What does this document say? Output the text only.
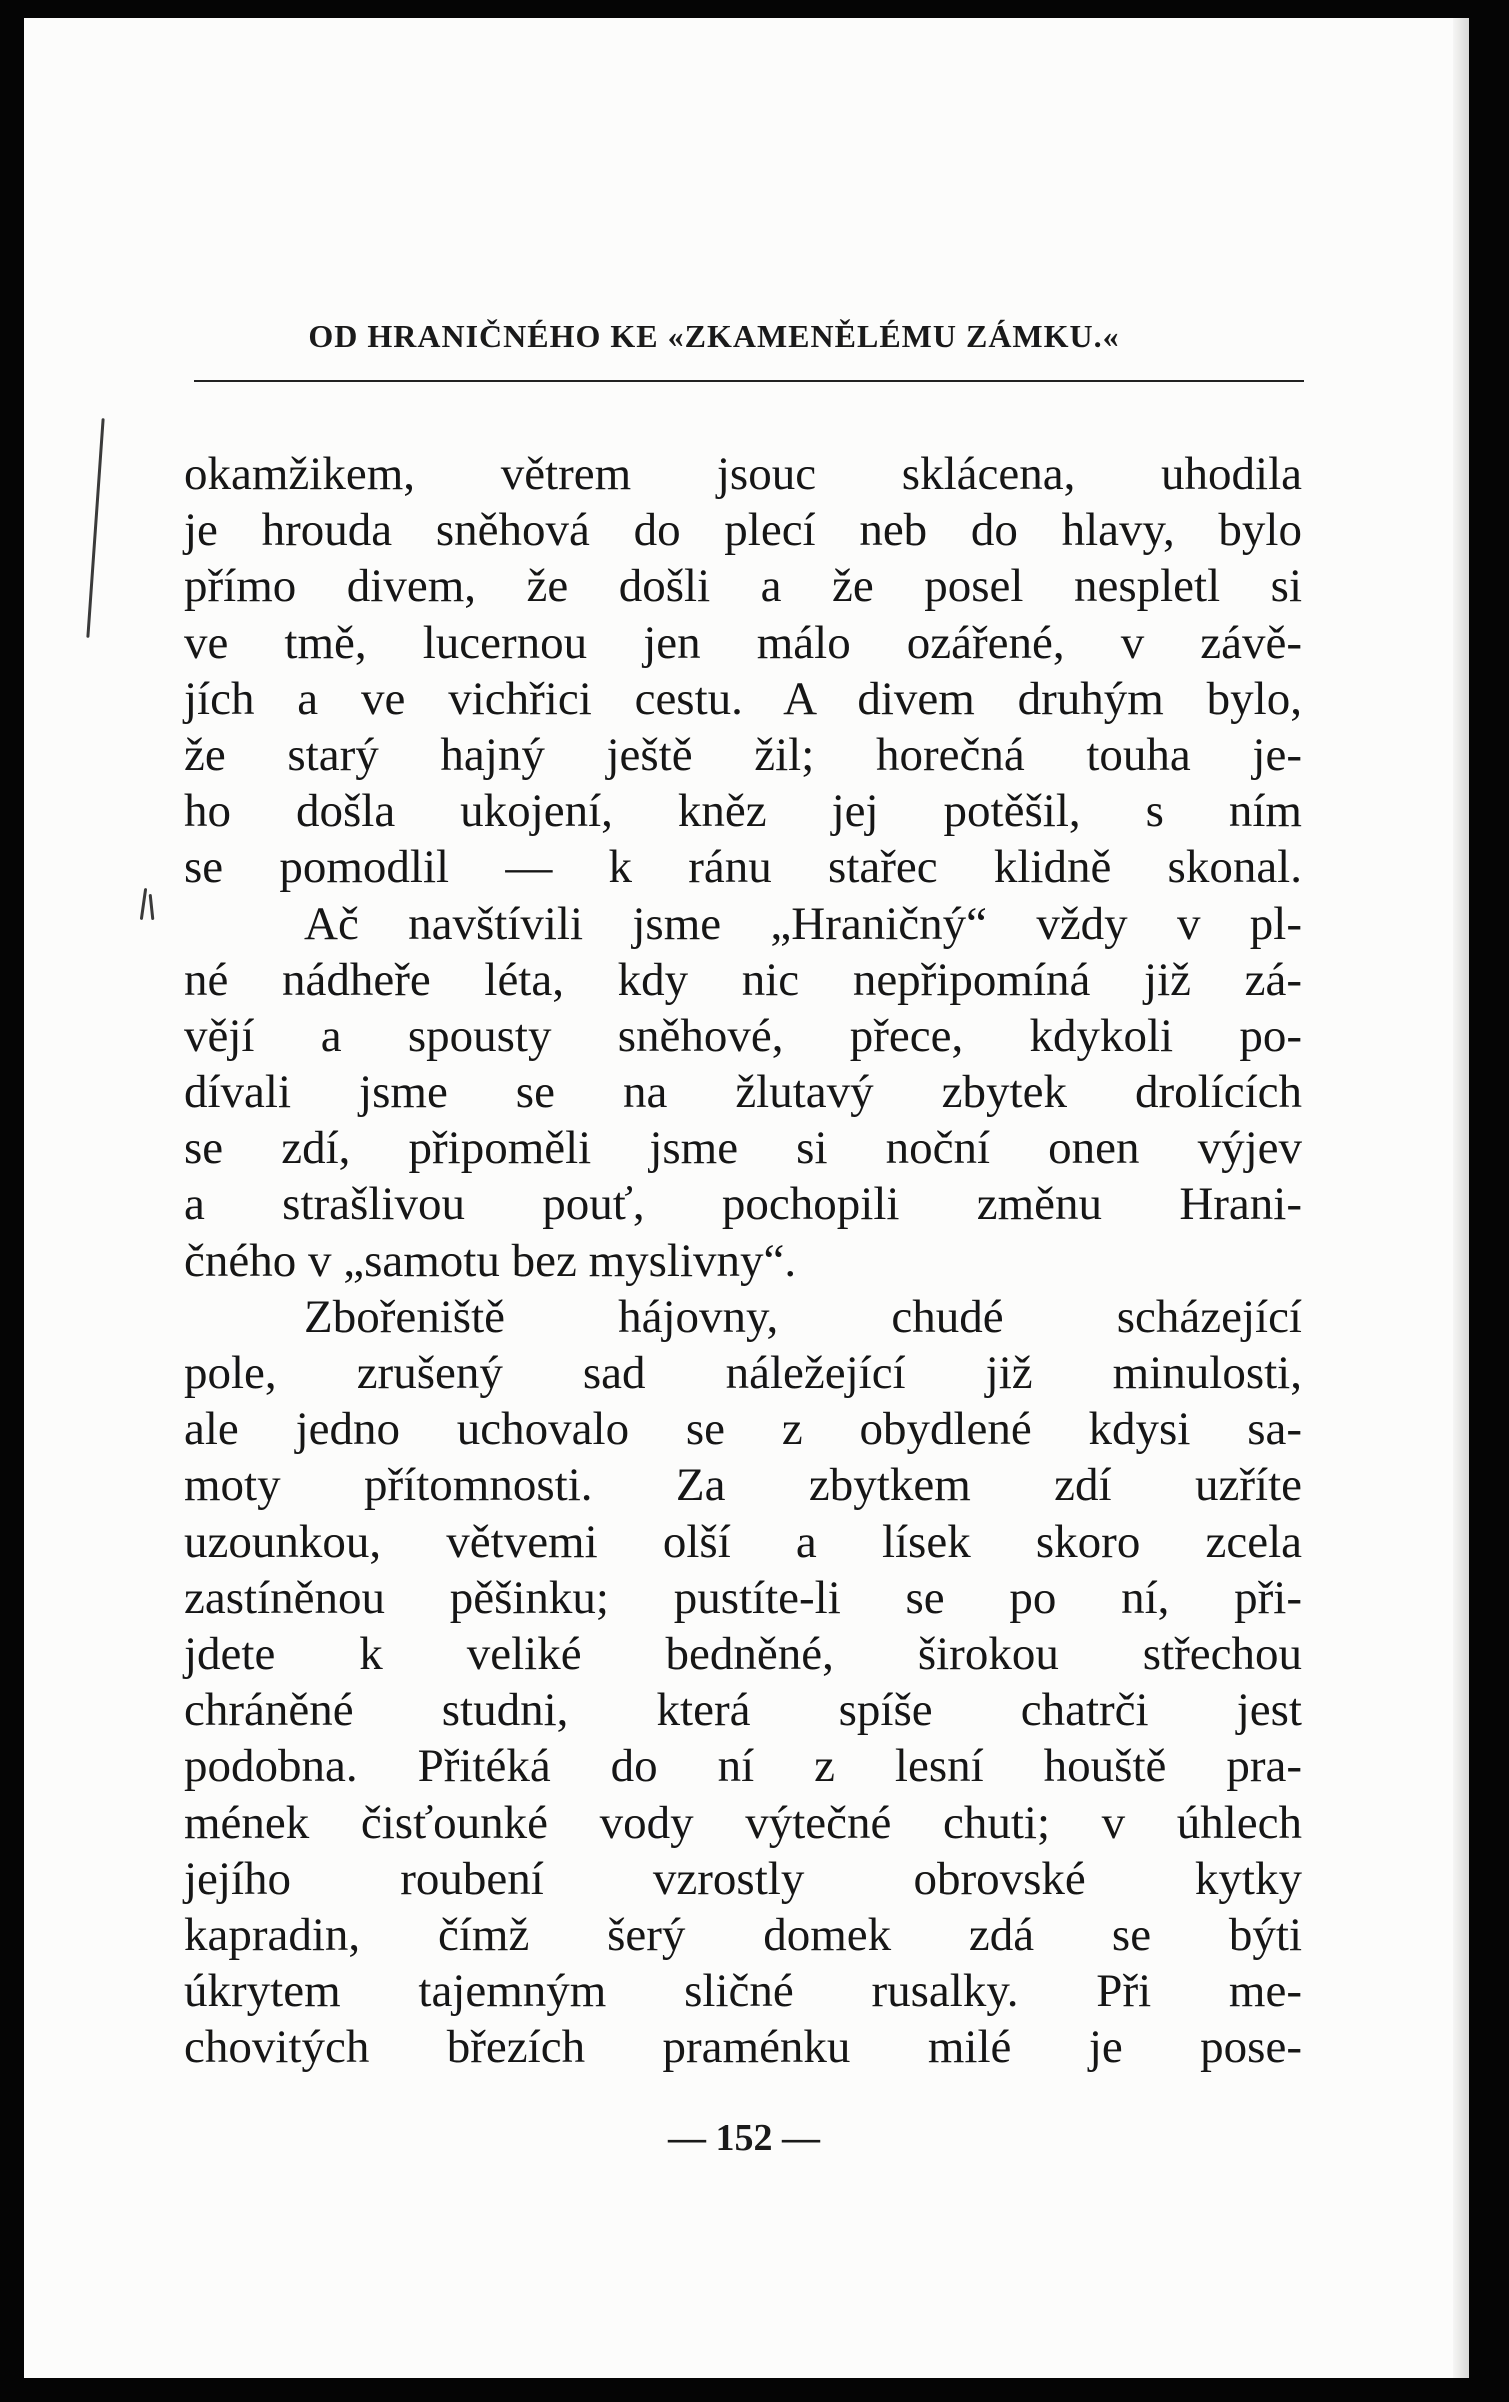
OD HRANIČNÉHO KE «ZKAMENĚLÉMU ZÁMKU.«
okamžikem, větrem jsouc sklácena, uhodila
je hrouda sněhová do plecí neb do hlavy, bylo
přímo divem, že došli a že posel nespletl si
ve tmě, lucernou jen málo ozářené, v závě-
jích a ve vichřici cestu. A divem druhým bylo,
že starý hajný ještě žil; horečná touha je-
ho došla ukojení, kněz jej potěšil, s ním
se pomodlil — k ránu stařec klidně skonal.
Ač navštívili jsme „Hraničný“ vždy v pl-
né nádheře léta, kdy nic nepřipomíná již zá-
vějí a spousty sněhové, přece, kdykoli po-
dívali jsme se na žlutavý zbytek drolících
se zdí, připoměli jsme si noční onen výjev
a strašlivou pouť, pochopili změnu Hrani-
čného v „samotu bez myslivny“.
Zbořeniště hájovny, chudé scházející
pole, zrušený sad náležející již minulosti,
ale jedno uchovalo se z obydlené kdysi sa-
moty přítomnosti. Za zbytkem zdí uzříte
uzounkou, větvemi olší a lísek skoro zcela
zastíněnou pěšinku; pustíte-li se po ní, při-
jdete k veliké bedněné, širokou střechou
chráněné studni, která spíše chatrči jest
podobna. Přitéká do ní z lesní houště pra-
mének čisťounké vody výtečné chuti; v úhlech
jejího roubení vzrostly obrovské kytky
kapradin, čímž šerý domek zdá se býti
úkrytem tajemným sličné rusalky. Při me-
chovitých březích praménku milé je pose-
— 152 —
